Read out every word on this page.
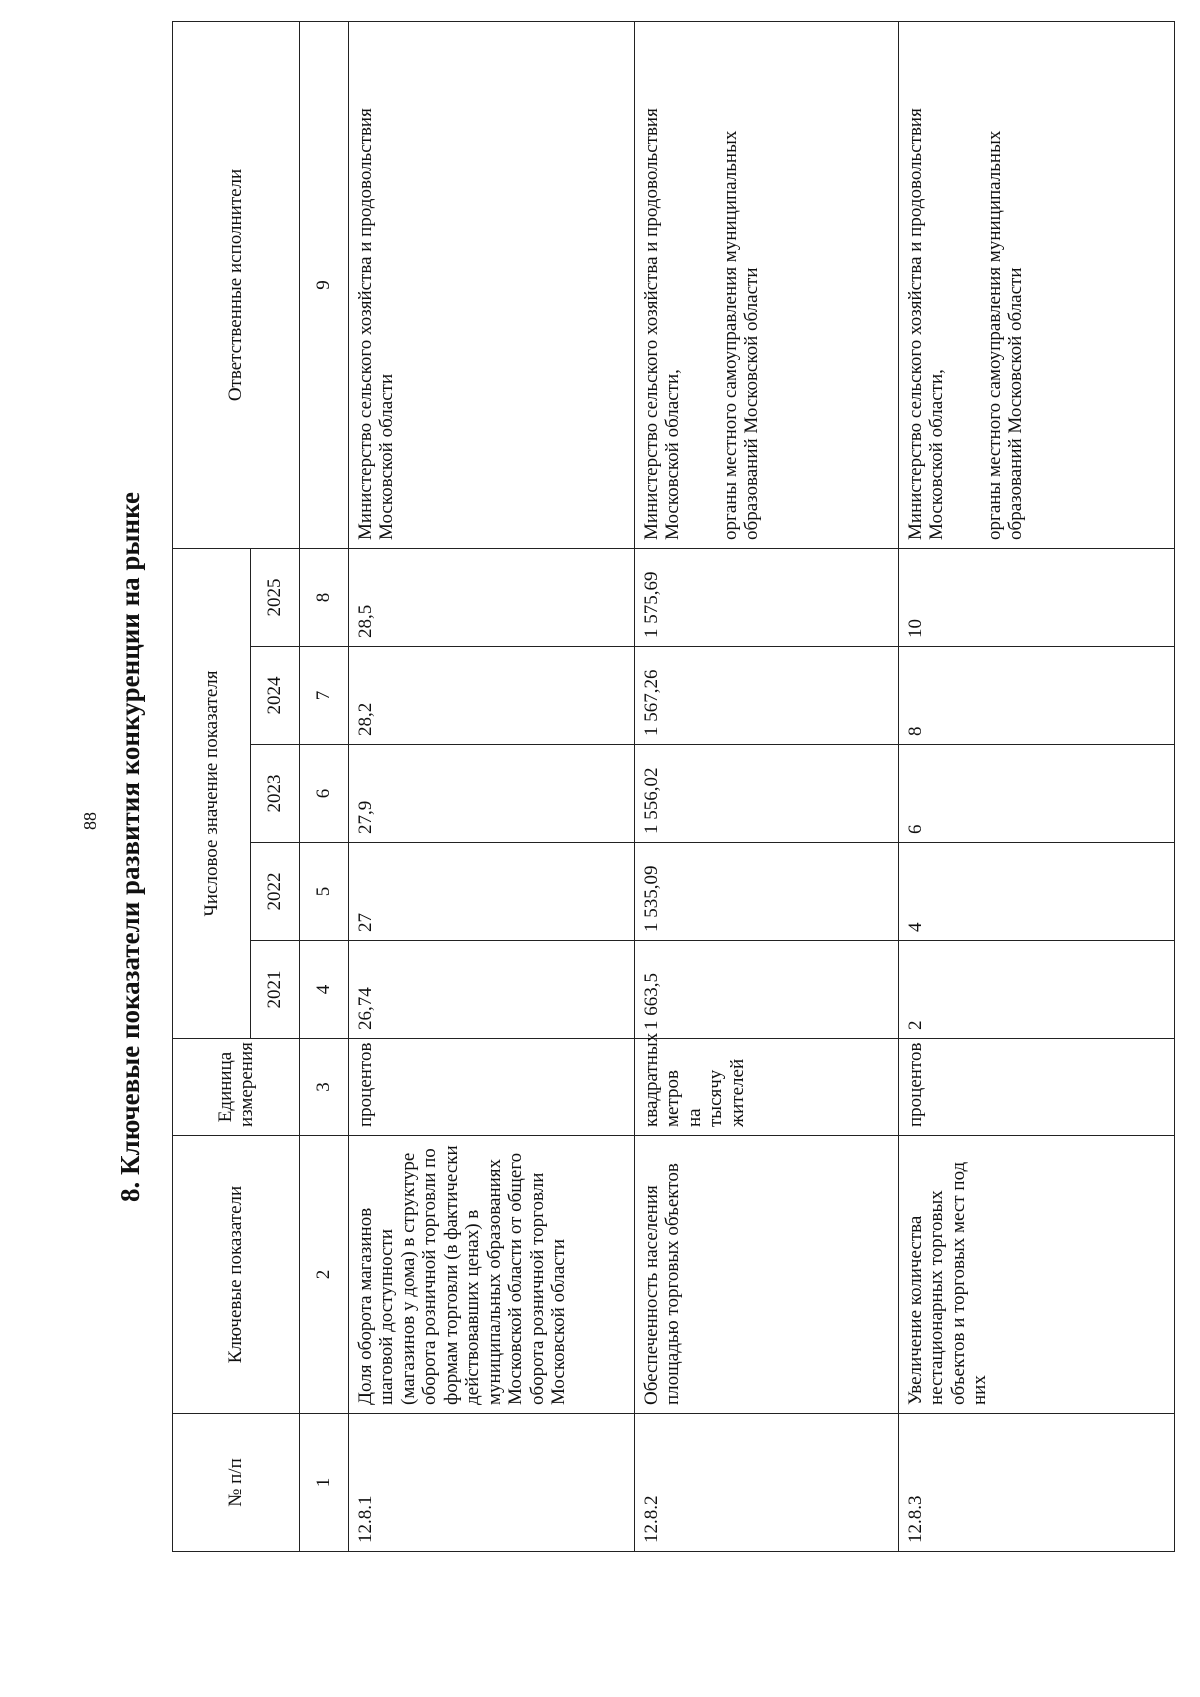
88 8. Ключевые показатели развития конкуренции на рынке
№ п/п	Ключевые показатели	Единица измерения	Числовое значение показателя					Ответственные исполнители
			2021	2022	2023	2024	2025	
1	2	3	4	5	6	7	8	9
12.8.1	Доля оборота магазинов шаговой доступности (магазинов у дома) в структуре оборота розничной торговли по формам торговли (в фактически действовавших ценах) в муниципальных образованиях Московской области от общего оборота розничной торговли Московской области	процентов	26,74	27	27,9	28,2	28,5	Министерство сельского хозяйства и продовольствия Московской области

12.8.2	Обеспеченность населения площадью торговых объектов	квадратных метров на тысячу жителей	1 663,5	1 535,09	1 556,02	1 567,26	1 575,69	Министерство сельского хозяйства и продовольствия Московской области, органы местного самоуправления муниципальных образований Московской области

12.8.3	Увеличение количества нестационарных торговых объектов и торговых мест под них	процентов	2	4	6	8	10	Министерство сельского хозяйства и продовольствия Московской области, органы местного самоуправления муниципальных образований Московской области
